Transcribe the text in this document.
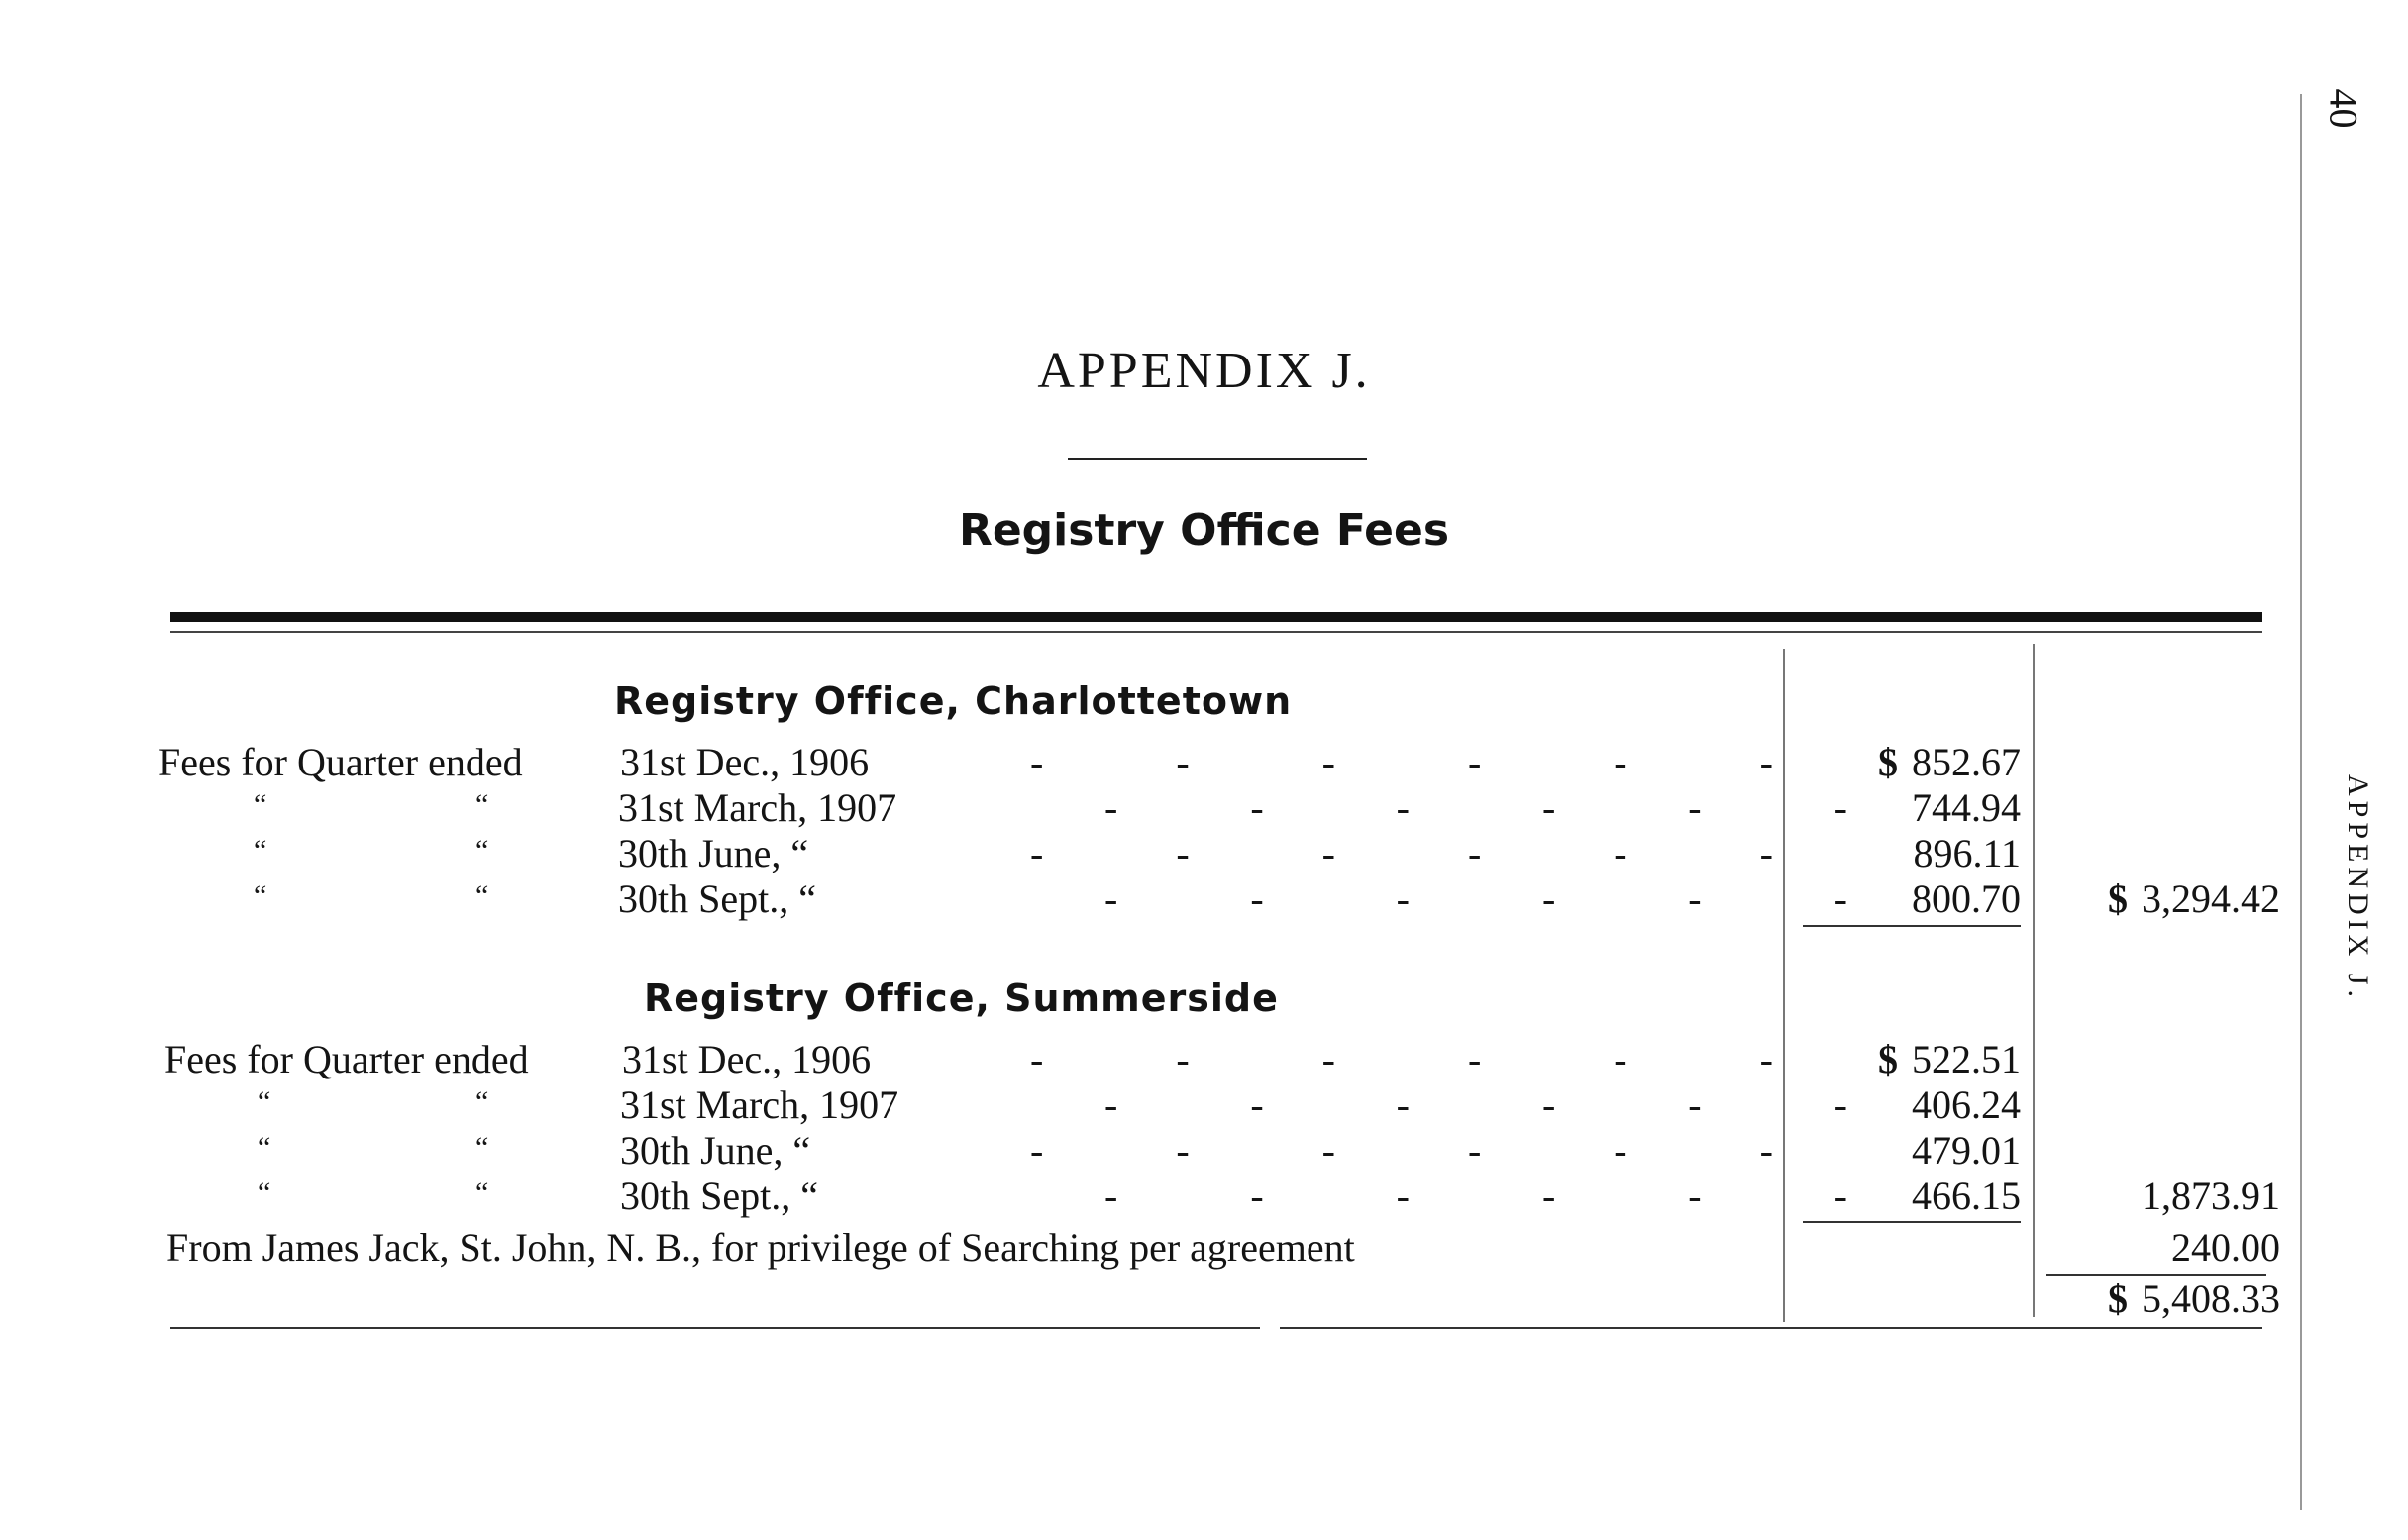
40
APPENDIX J.
APPENDIX J.
Registry Office Fees
Registry Office, Charlottetown
Fees for Quarter ended 31st Dec., 1906	- - - - - -	$ 852.67
“	“	31st March, 1907	- - - - - - 744.94
“	“	30th June, “	- - - - - -	896.11
“	“	30th Sept., “	- - - - - - 800.70	$ 3,294.42
Registry Office, Summerside
Fees for Quarter ended 31st Dec., 1906	- - - - - -	$ 522.51
“	“	31st March, 1907	- - - - - - 406.24
“	“	30th June, “	- - - - - -	479.01
“	“	30th Sept., “	- - - - - - 466.15	1,873.91
From James Jack, St. John, N. B., for privilege of Searching per agreement	240.00
$ 5,408.33
